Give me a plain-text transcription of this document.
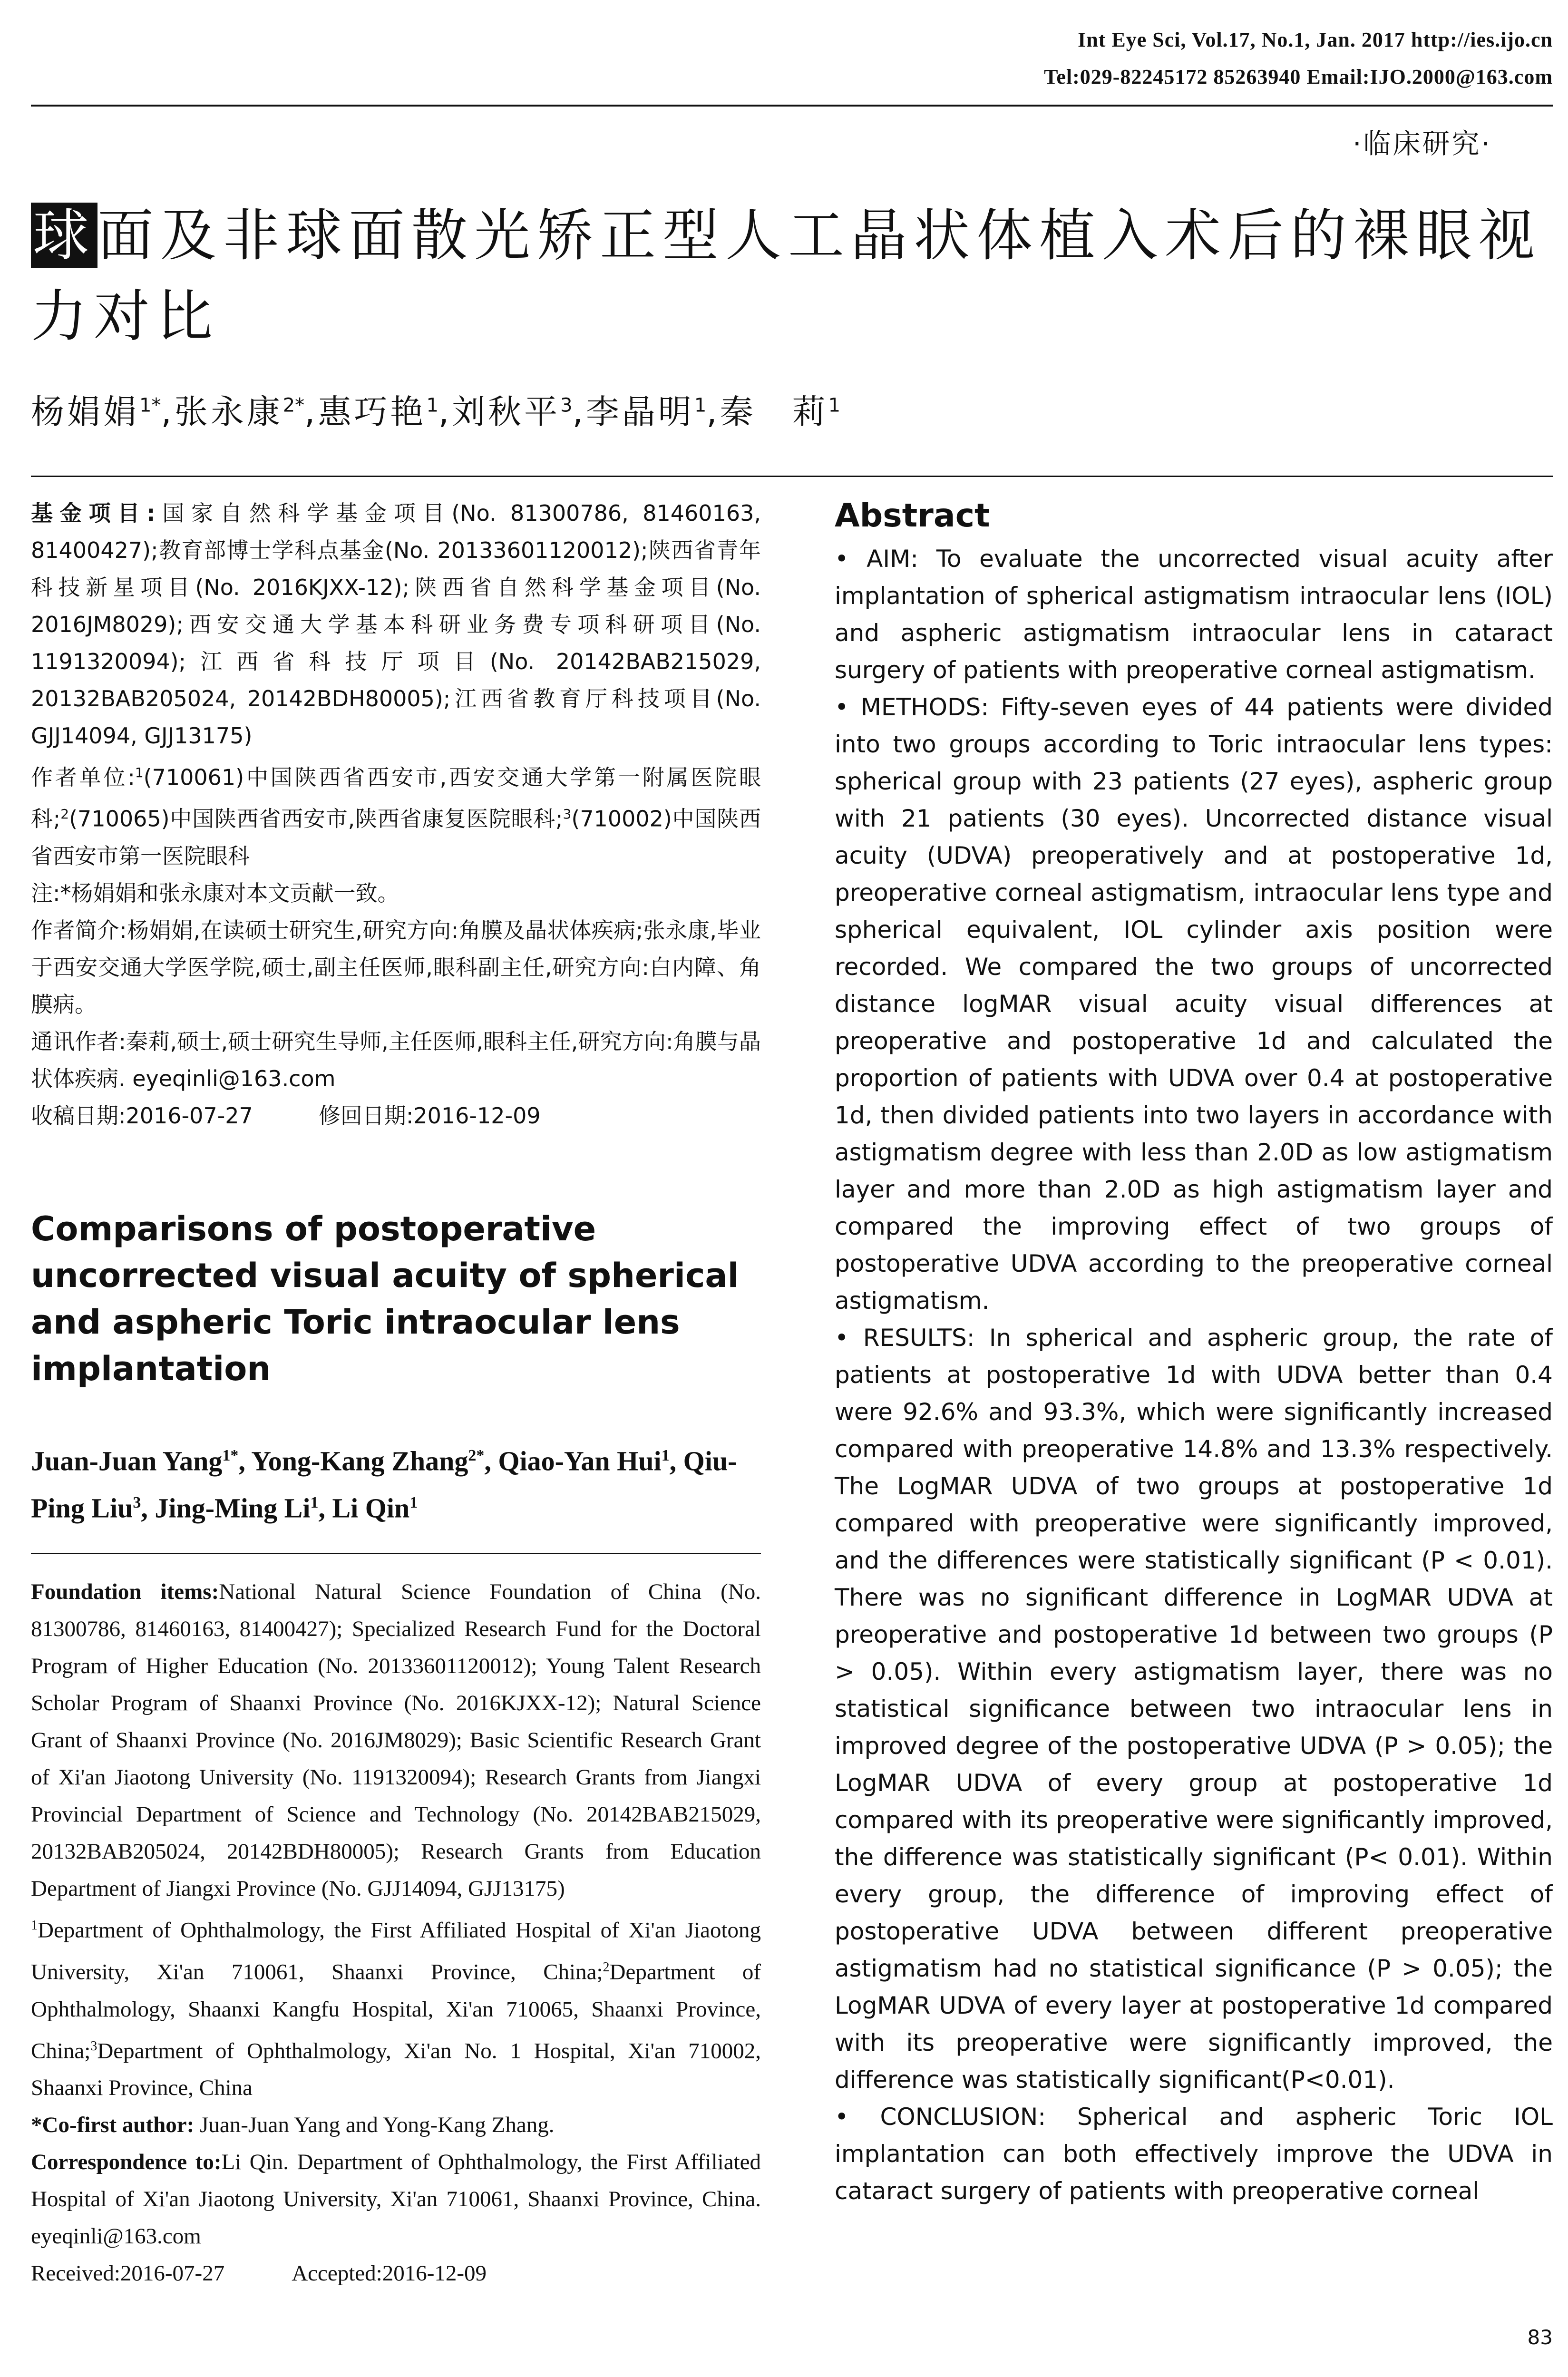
Int Eye Sci, Vol.17, No.1, Jan. 2017 http://ies.ijo.cn
Tel:029-82245172 85263940 Email:IJO.2000@163.com
·临床研究·
球面及非球面散光矫正型人工晶状体植入术后的裸眼视力对比
杨娟娟$^{1*}$,张永康$^{2*}$,惠巧艳$^1$,刘秋平$^3$,李晶明$^1$,秦　莉$^1$

基金项目:国家自然科学基金项目(No. 81300786, 81460163, 81400427);教育部博士学科点基金(No. 20133601120012);陕西省青年科技新星项目(No. 2016KJXX-12);陕西省自然科学基金项目(No. 2016JM8029);西安交通大学基本科研业务费专项科研项目(No. 1191320094);江西省科技厅项目(No. 20142BAB215029, 20132BAB205024, 20142BDH80005);江西省教育厅科技项目(No. GJJ14094, GJJ13175)

作者单位:$^1$(710061)中国陕西省西安市,西安交通大学第一附属医院眼科;$^2$(710065)中国陕西省西安市,陕西省康复医院眼科;$^3$(710002)中国陕西省西安市第一医院眼科

注:*杨娟娟和张永康对本文贡献一致。

作者简介:杨娟娟,在读硕士研究生,研究方向:角膜及晶状体疾病;张永康,毕业于西安交通大学医学院,硕士,副主任医师,眼科副主任,研究方向:白内障、角膜病。

通讯作者:秦莉,硕士,硕士研究生导师,主任医师,眼科主任,研究方向:角膜与晶状体疾病. eyeqinli@163.com

收稿日期:2016-07-27　　　	修回日期:2016-12-09

Comparisons of postoperative uncorrected visual acuity of spherical and aspheric Toric intraocular lens implantation
Juan-Juan Yang$^{1*}$, Yong-Kang Zhang$^{2*}$, Qiao-Yan Hui$^1$, Qiu-Ping Liu$^3$, Jing-Ming Li$^1$, Li Qin$^1$

Foundation items:National Natural Science Foundation of China (No. 81300786, 81460163, 81400427); Specialized Research Fund for the Doctoral Program of Higher Education (No. 20133601120012); Young Talent Research Scholar Program of Shaanxi Province (No. 2016KJXX-12); Natural Science Grant of Shaanxi Province (No. 2016JM8029); Basic Scientific Research Grant of Xi'an Jiaotong University (No. 1191320094); Research Grants from Jiangxi Provincial Department of Science and Technology (No. 20142BAB215029, 20132BAB205024, 20142BDH80005); Research Grants from Education Department of Jiangxi Province (No. GJJ14094, GJJ13175)

$^1$Department of Ophthalmology, the First Affiliated Hospital of Xi'an Jiaotong University, Xi'an 710061, Shaanxi Province, China;$^2$Department of Ophthalmology, Shaanxi Kangfu Hospital, Xi'an 710065, Shaanxi Province, China;$^3$Department of Ophthalmology, Xi'an No. 1 Hospital, Xi'an 710002, Shaanxi Province, China

*Co-first author: Juan-Juan Yang and Yong-Kang Zhang.

Correspondence to:Li Qin. Department of Ophthalmology, the First Affiliated Hospital of Xi'an Jiaotong University, Xi'an 710061, Shaanxi Province, China. eyeqinli@163.com

Received:2016-07-27　　　	Accepted:2016-12-09

Abstract

• AIM: To evaluate the uncorrected visual acuity after implantation of spherical astigmatism intraocular lens (IOL) and aspheric astigmatism intraocular lens in cataract surgery of patients with preoperative corneal astigmatism.

• METHODS: Fifty-seven eyes of 44 patients were divided into two groups according to Toric intraocular lens types: spherical group with 23 patients (27 eyes), aspheric group with 21 patients (30 eyes). Uncorrected distance visual acuity (UDVA) preoperatively and at postoperative 1d, preoperative corneal astigmatism, intraocular lens type and spherical equivalent, IOL cylinder axis position were recorded. We compared the two groups of uncorrected distance logMAR visual acuity visual differences at preoperative and postoperative 1d and calculated the proportion of patients with UDVA over 0.4 at postoperative 1d, then divided patients into two layers in accordance with astigmatism degree with less than 2.0D as low astigmatism layer and more than 2.0D as high astigmatism layer and compared the improving effect of two groups of postoperative UDVA according to the preoperative corneal astigmatism.

• RESULTS: In spherical and aspheric group, the rate of patients at postoperative 1d with UDVA better than 0.4 were 92.6% and 93.3%, which were significantly increased compared with preoperative 14.8% and 13.3% respectively. The LogMAR UDVA of two groups at postoperative 1d compared with preoperative were significantly improved, and the differences were statistically significant (P < 0.01). There was no significant difference in LogMAR UDVA at preoperative and postoperative 1d between two groups (P > 0.05). Within every astigmatism layer, there was no statistical significance between two intraocular lens in improved degree of the postoperative UDVA (P > 0.05); the LogMAR UDVA of every group at postoperative 1d compared with its preoperative were significantly improved, the difference was statistically significant (P< 0.01). Within every group, the difference of improving effect of postoperative UDVA between different preoperative astigmatism had no statistical significance (P > 0.05); the LogMAR UDVA of every layer at postoperative 1d compared with its preoperative were significantly improved, the difference was statistically significant(P<0.01).

• CONCLUSION: Spherical and aspheric Toric IOL implantation can both effectively improve the UDVA in cataract surgery of patients with preoperative corneal

83
